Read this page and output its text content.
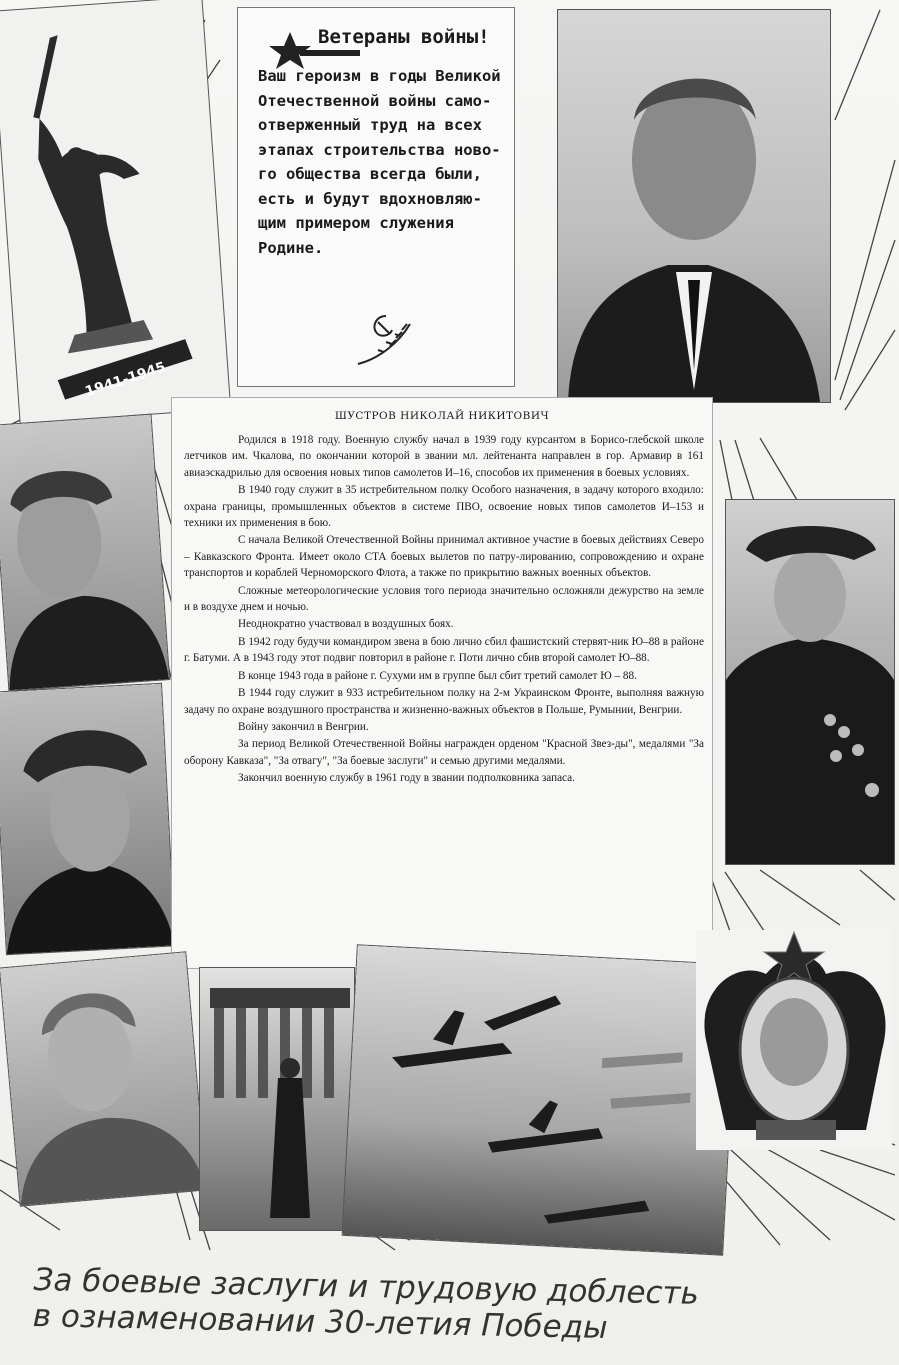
1941-1945
Ветераны войны!
Ваш героизм в годы Великой
Отечественной войны само-
отверженный труд на всех
этапах строительства ново-
го общества всегда были,
есть и будут вдохновляю-
щим примером служения
Родине.
ШУСТРОВ НИКОЛАЙ НИКИТОВИЧ

Родился в 1918 году. Военную службу начал в 1939 году курсантом в Борисо-глебской школе летчиков им. Чкалова, по окончании которой в звании мл. лейтенанта направлен в гор. Армавир в 161 авиаэскадрилью для освоения новых типов самолетов И–16, способов их применения в боевых условиях.

В 1940 году служит в 35 истребительном полку Особого назначения, в задачу которого входило: охрана границы, промышленных объектов в системе ПВО, освоение новых типов самолетов И–153 и техники их применения в бою.

С начала Великой Отечественной Войны принимал активное участие в боевых действиях Северо – Кавказского Фронта. Имеет около СТА боевых вылетов по патру-лированию, сопровождению и охране транспортов и кораблей Черноморского Флота, а также по прикрытию важных военных объектов.

Сложные метеорологические условия того периода значительно осложняли дежурство на земле и в воздухе днем и ночью.

Неоднократно участвовал в воздушных боях.

В 1942 году будучи командиром звена в бою лично сбил фашистский стервят-ник Ю–88 в районе г. Батуми. А в 1943 году этот подвиг повторил в районе г. Поти лично сбив второй самолет Ю–88.

В конце 1943 года в районе г. Сухуми им в группе был сбит третий самолет Ю – 88.

В 1944 году служит в 933 истребительном полку на 2-м Украинском Фронте, выполняя важную задачу по охране воздушного пространства и жизненно-важных объектов в Польше, Румынии, Венгрии.

Войну закончил в Венгрии.

За период Великой Отечественной Войны награжден орденом "Красной Звез-ды", медалями "За оборону Кавказа", "За отвагу", "За боевые заслуги" и семью другими медалями.

Закончил военную службу в 1961 году в звании подполковника запаса.

За боевые заслуги и трудовую доблесть
в ознаменовании 30-летия Победы
